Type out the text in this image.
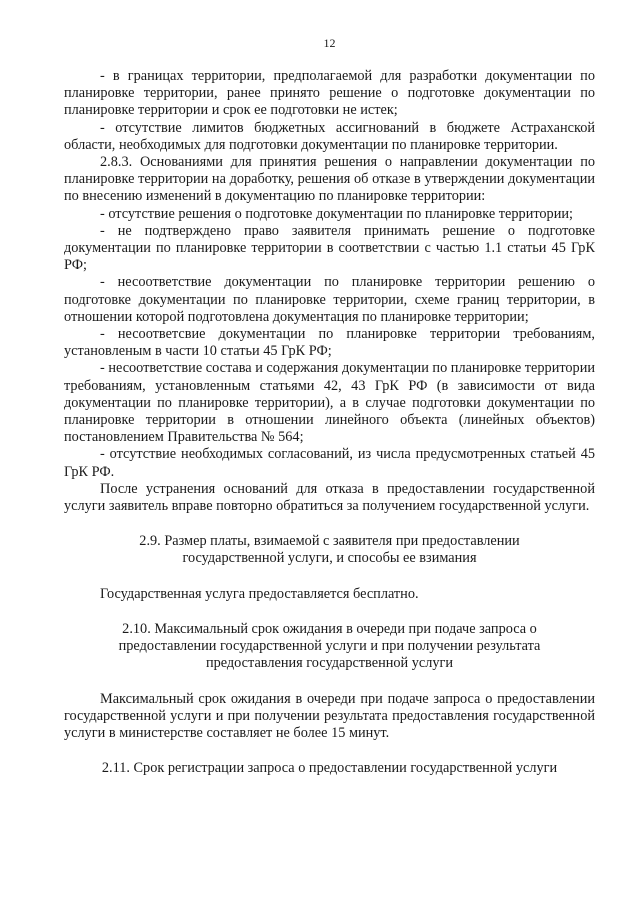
12

- в границах территории, предполагаемой для разработки документации по планировке территории, ранее принято решение о подготовке документации по планировке территории и срок ее подготовки не истек;

- отсутствие лимитов бюджетных ассигнований в бюджете Астраханской области, необходимых для подготовки документации по планировке территории.

2.8.3. Основаниями для принятия решения о направлении документации по планировке территории на доработку, решения об отказе в утверждении документации по внесению изменений в документацию по планировке территории:

- отсутствие решения о подготовке документации по планировке территории;

- не подтверждено право заявителя принимать решение о подготовке документации по планировке территории в соответствии с частью 1.1 статьи 45 ГрК РФ;

- несоответствие документации по планировке территории решению о подготовке документации по планировке территории, схеме границ территории, в отношении которой подготовлена документация по планировке территории;

- несоответсвие документации по планировке территории требованиям, установленым в части 10 статьи 45 ГрК РФ;

- несоответствие состава и содержания документации по планировке территории требованиям, установленным статьями 42, 43 ГрК РФ (в зависимости от вида документации по планировке территории), а в случае подготовки документации по планировке территории в отношении линейного объекта (линейных объектов) постановлением Правительства № 564;

- отсутствие необходимых согласований, из числа предусмотренных статьей 45 ГрК РФ.

После устранения оснований для отказа в предоставлении государственной услуги заявитель вправе повторно обратиться за получением государственной услуги.

2.9. Размер платы, взимаемой с заявителя при предоставлении государственной услуги, и способы ее взимания

Государственная услуга предоставляется бесплатно.

2.10. Максимальный срок ожидания в очереди при подаче запроса о предоставлении государственной услуги и при получении результата предоставления государственной услуги

Максимальный срок ожидания в очереди при подаче запроса о предоставлении государственной услуги и при получении результата предоставления государственной услуги в министерстве составляет не более 15 минут.

2.11. Срок регистрации запроса о предоставлении государственной услуги
